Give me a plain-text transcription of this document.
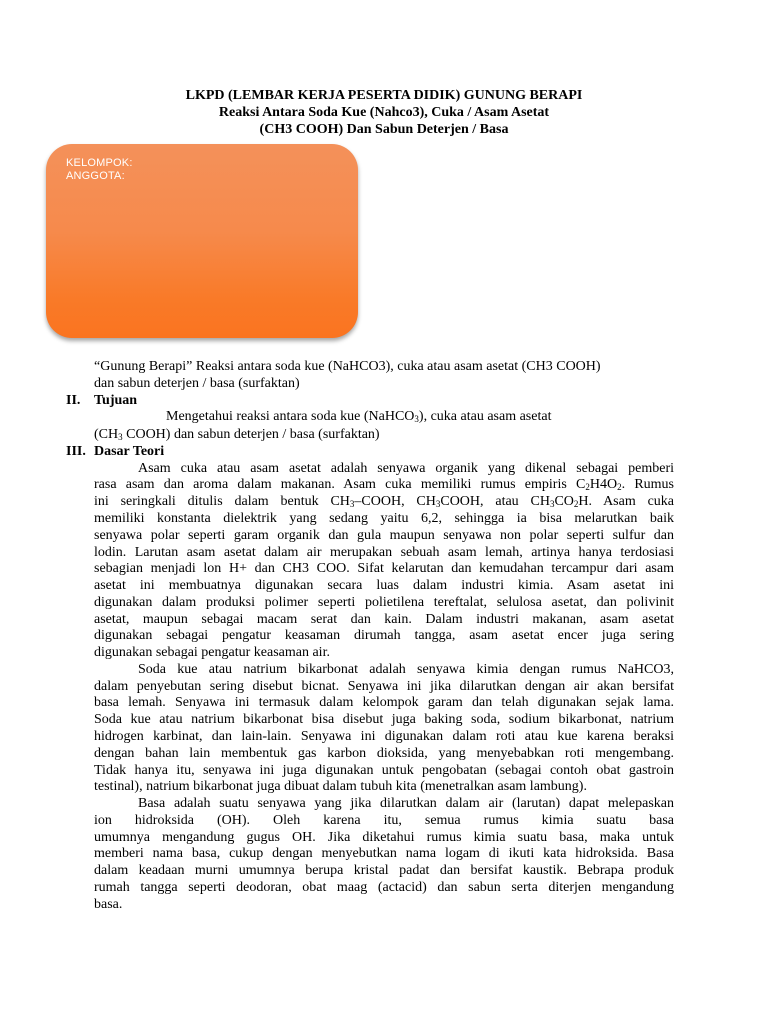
LKPD (LEMBAR KERJA PESERTA DIDIK) GUNUNG BERAPI
Reaksi Antara Soda Kue (Nahco3), Cuka / Asam Asetat
(CH3 COOH) Dan Sabun Deterjen / Basa
KELOMPOK:
ANGGOTA:
“Gunung Berapi” Reaksi antara soda kue (NaHCO3), cuka atau asam asetat (CH3 COOH)
dan sabun deterjen / basa (surfaktan)
II. Tujuan
Mengetahui reaksi antara soda kue (NaHCO$_3$), cuka atau asam asetat
($CH_3$ COOH) dan sabun deterjen / basa (surfaktan)
III. Dasar Teori
Asam cuka atau asam asetat adalah senyawa organik yang dikenal sebagai pemberi
rasa asam dan aroma dalam makanan. Asam cuka memiliki rumus empiris $C_2H4O_2$. Rumus
ini seringkali ditulis dalam bentuk $CH_3$–COOH, $CH_3COOH$, atau $CH_3CO_2H$. Asam cuka
memiliki konstanta dielektrik yang sedang yaitu 6,2, sehingga ia bisa melarutkan baik
senyawa polar seperti garam organik dan gula maupun senyawa non polar seperti sulfur dan
lodin. Larutan asam asetat dalam air merupakan sebuah asam lemah, artinya hanya terdosiasi
sebagian menjadi lon H+ dan CH3 COO. Sifat kelarutan dan kemudahan tercampur dari asam
asetat ini membuatnya digunakan secara luas dalam industri kimia. Asam asetat ini
digunakan dalam produksi polimer seperti polietilena tereftalat, selulosa asetat, dan polivinit
asetat, maupun sebagai macam serat dan kain. Dalam industri makanan, asam asetat
digunakan sebagai pengatur keasaman dirumah tangga, asam asetat encer juga sering
digunakan sebagai pengatur keasaman air.
Soda kue atau natrium bikarbonat adalah senyawa kimia dengan rumus NaHCO3,
dalam penyebutan sering disebut bicnat. Senyawa ini jika dilarutkan dengan air akan bersifat
basa lemah. Senyawa ini termasuk dalam kelompok garam dan telah digunakan sejak lama.
Soda kue atau natrium bikarbonat bisa disebut juga baking soda, sodium bikarbonat, natrium
hidrogen karbinat, dan lain-lain. Senyawa ini digunakan dalam roti atau kue karena beraksi
dengan bahan lain membentuk gas karbon dioksida, yang menyebabkan roti mengembang.
Tidak hanya itu, senyawa ini juga digunakan untuk pengobatan (sebagai contoh obat gastroin
testinal), natrium bikarbonat juga dibuat dalam tubuh kita (menetralkan asam lambung).
Basa adalah suatu senyawa yang jika dilarutkan dalam air (larutan) dapat melepaskan
ion hidroksida (OH). Oleh karena itu, semua rumus kimia suatu basa
umumnya mengandung gugus OH. Jika diketahui rumus kimia suatu basa, maka untuk
memberi nama basa, cukup dengan menyebutkan nama logam di ikuti kata hidroksida. Basa
dalam keadaan murni umumnya berupa kristal padat dan bersifat kaustik. Bebrapa produk
rumah tangga seperti deodoran, obat maag (actacid) dan sabun serta diterjen mengandung
basa.
